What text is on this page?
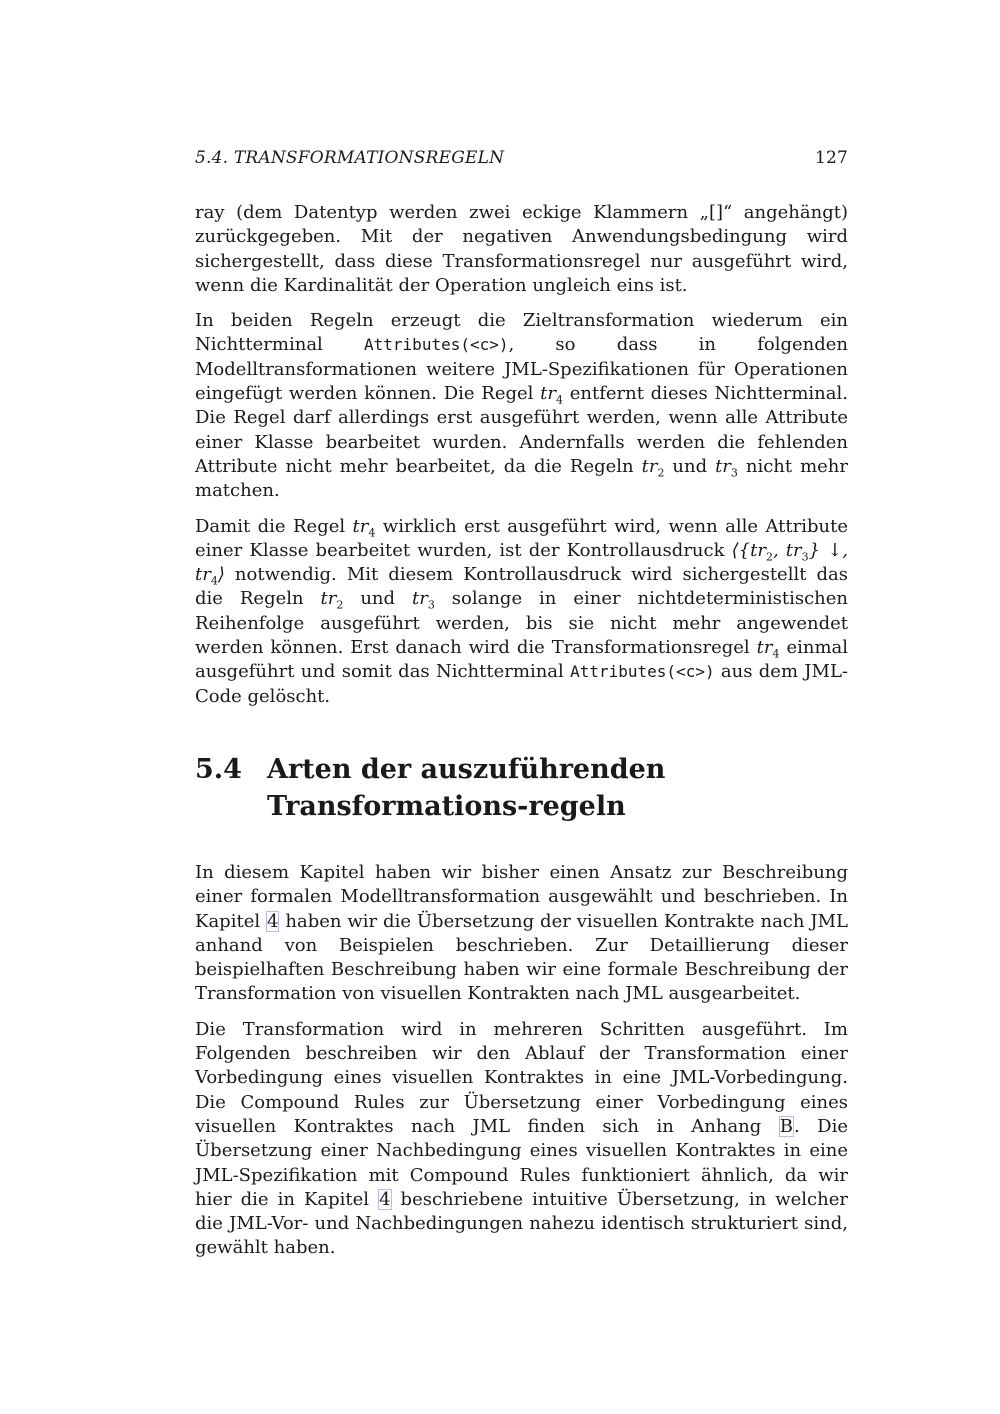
5.4. TRANSFORMATIONSREGELN	127

ray (dem Datentyp werden zwei eckige Klammern „[]“ angehängt) zurückgegeben. Mit der negativen Anwendungsbedingung wird sichergestellt, dass diese Transformationsregel nur ausgeführt wird, wenn die Kardinalität der Operation ungleich eins ist.

In beiden Regeln erzeugt die Zieltransformation wiederum ein Nichtterminal Attributes(<c>), so dass in folgenden Modelltransformationen weitere JML-Spezifikationen für Operationen eingefügt werden können. Die Regel $tr_4$ entfernt dieses Nichtterminal. Die Regel darf allerdings erst ausgeführt werden, wenn alle Attribute einer Klasse bearbeitet wurden. Andernfalls werden die fehlenden Attribute nicht mehr bearbeitet, da die Regeln $tr_2$ und $tr_3$ nicht mehr matchen.

Damit die Regel $tr_4$ wirklich erst ausgeführt wird, wenn alle Attribute einer Klasse bearbeitet wurden, ist der Kontrollausdruck $⟨\{tr_2$, $tr_3$} ↓, $tr_4⟩$ notwendig. Mit diesem Kontrollausdruck wird sichergestellt das die Regeln $tr_2$ und $tr_3$ solange in einer nichtdeterministischen Reihenfolge ausgeführt werden, bis sie nicht mehr angewendet werden können. Erst danach wird die Transformationsregel $tr_4$ einmal ausgeführt und somit das Nichtterminal Attributes(<c>) aus dem JML-Code gelöscht.

5.4 Arten der auszuführenden Transformations-regeln

In diesem Kapitel haben wir bisher einen Ansatz zur Beschreibung einer formalen Modelltransformation ausgewählt und beschrieben. In Kapitel 4 haben wir die Übersetzung der visuellen Kontrakte nach JML anhand von Beispielen beschrieben. Zur Detaillierung dieser beispielhaften Beschreibung haben wir eine formale Beschreibung der Transformation von visuellen Kontrakten nach JML ausgearbeitet.

Die Transformation wird in mehreren Schritten ausgeführt. Im Folgenden beschreiben wir den Ablauf der Transformation einer Vorbedingung eines visuellen Kontraktes in eine JML-Vorbedingung. Die Compound Rules zur Übersetzung einer Vorbedingung eines visuellen Kontraktes nach JML finden sich in Anhang B. Die Übersetzung einer Nachbedingung eines visuellen Kontraktes in eine JML-Spezifikation mit Compound Rules funktioniert ähnlich, da wir hier die in Kapitel 4 beschriebene intuitive Übersetzung, in welcher die JML-Vor- und Nachbedingungen nahezu identisch strukturiert sind, gewählt haben.
